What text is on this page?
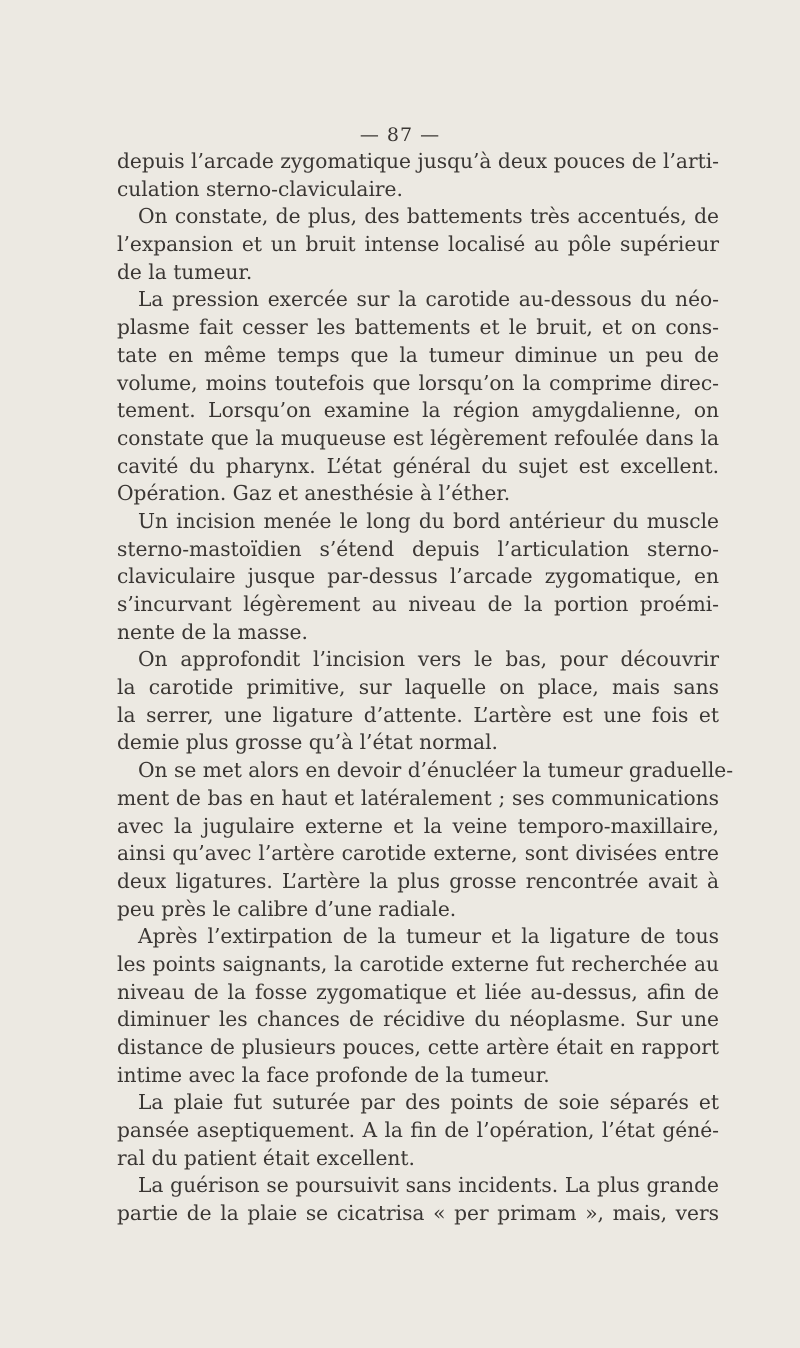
— 87 —
depuis l’arcade zygomatique jusqu’à deux pouces de l’arti-
culation sterno-claviculaire.
On constate, de plus, des battements très accentués, de
l’expansion et un bruit intense localisé au pôle supérieur
de la tumeur.
La pression exercée sur la carotide au-dessous du néo-
plasme fait cesser les battements et le bruit, et on cons-
tate en même temps que la tumeur diminue un peu de
volume, moins toutefois que lorsqu’on la comprime direc-
tement. Lorsqu’on examine la région amygdalienne, on
constate que la muqueuse est légèrement refoulée dans la
cavité du pharynx. L’état général du sujet est excellent.
Opération. Gaz et anesthésie à l’éther.
Un incision menée le long du bord antérieur du muscle
sterno-mastoïdien s’étend depuis l’articulation sterno-
claviculaire jusque par-dessus l’arcade zygomatique, en
s’incurvant légèrement au niveau de la portion proémi-
nente de la masse.
On approfondit l’incision vers le bas, pour découvrir
la carotide primitive, sur laquelle on place, mais sans
la serrer, une ligature d’attente. L’artère est une fois et
demie plus grosse qu’à l’état normal.
On se met alors en devoir d’énucléer la tumeur graduelle-
ment de bas en haut et latéralement ; ses communications
avec la jugulaire externe et la veine temporo-maxillaire,
ainsi qu’avec l’artère carotide externe, sont divisées entre
deux ligatures. L’artère la plus grosse rencontrée avait à
peu près le calibre d’une radiale.
Après l’extirpation de la tumeur et la ligature de tous
les points saignants, la carotide externe fut recherchée au
niveau de la fosse zygomatique et liée au-dessus, afin de
diminuer les chances de récidive du néoplasme. Sur une
distance de plusieurs pouces, cette artère était en rapport
intime avec la face profonde de la tumeur.
La plaie fut suturée par des points de soie séparés et
pansée aseptiquement. A la fin de l’opération, l’état géné-
ral du patient était excellent.
La guérison se poursuivit sans incidents. La plus grande
partie de la plaie se cicatrisa « per primam », mais, vers
